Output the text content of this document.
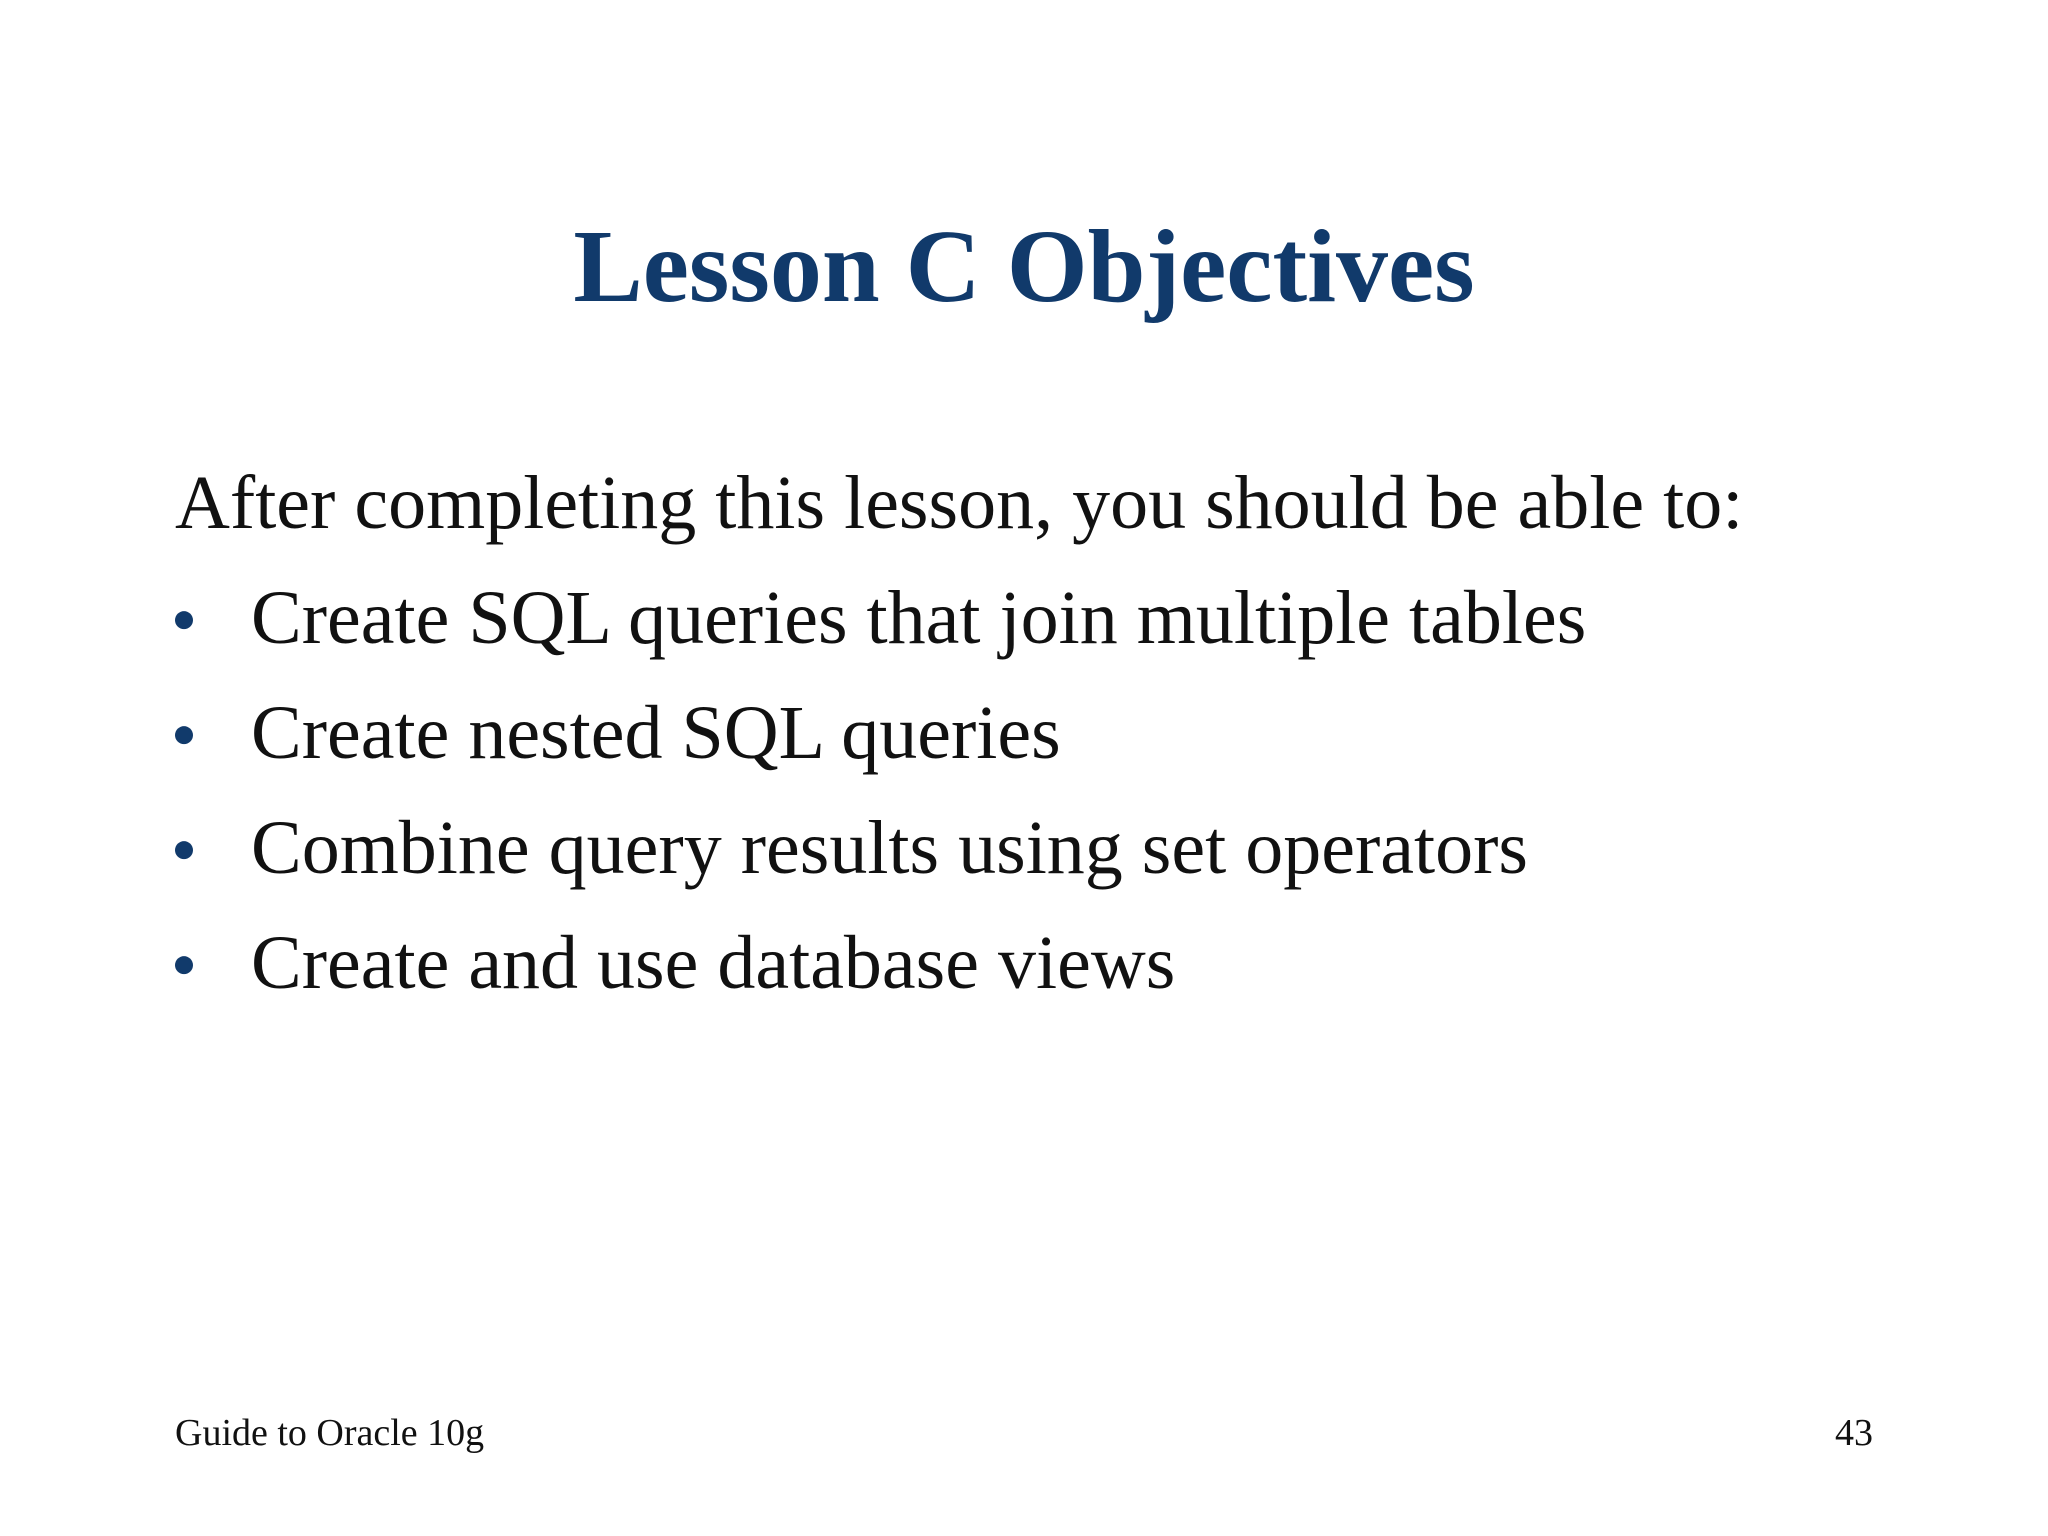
Lesson C Objectives

After completing this lesson, you should be able to:

Create SQL queries that join multiple tables
Create nested SQL queries
Combine query results using set operators
Create and use database views
Guide to Oracle 10g	43
